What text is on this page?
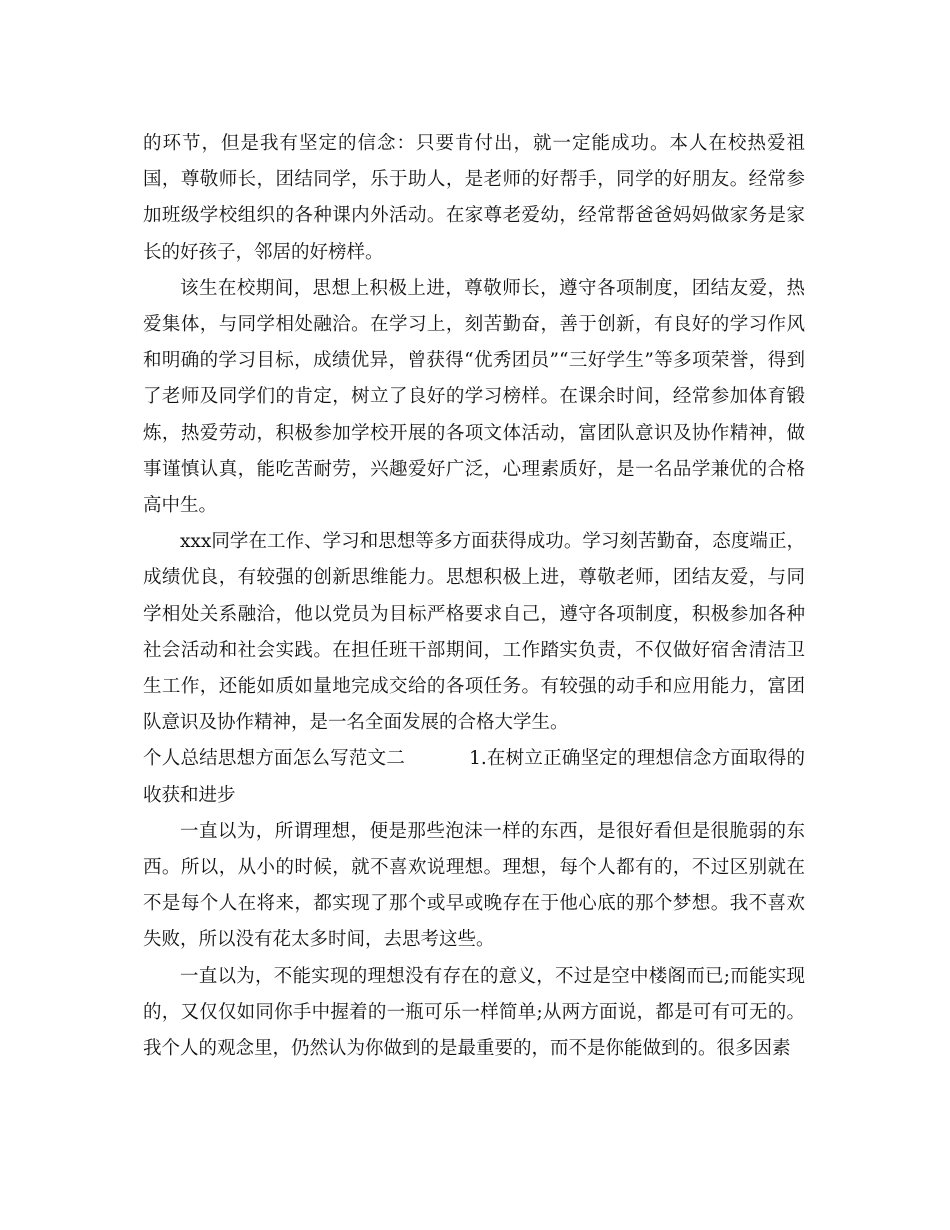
的环节，但是我有坚定的信念：只要肯付出，就一定能成功。本人在校热爱祖国，尊敬师长，团结同学，乐于助人，是老师的好帮手，同学的好朋友。经常参加班级学校组织的各种课内外活动。在家尊老爱幼，经常帮爸爸妈妈做家务是家长的好孩子，邻居的好榜样。

该生在校期间，思想上积极上进，尊敬师长，遵守各项制度，团结友爱，热爱集体，与同学相处融洽。在学习上，刻苦勤奋，善于创新，有良好的学习作风和明确的学习目标，成绩优异，曾获得“优秀团员”“三好学生”等多项荣誉，得到了老师及同学们的肯定，树立了良好的学习榜样。在课余时间，经常参加体育锻炼，热爱劳动，积极参加学校开展的各项文体活动，富团队意识及协作精神，做事谨慎认真，能吃苦耐劳，兴趣爱好广泛，心理素质好，是一名品学兼优的合格高中生。

xxx同学在工作、学习和思想等多方面获得成功。学习刻苦勤奋，态度端正，成绩优良，有较强的创新思维能力。思想积极上进，尊敬老师，团结友爱，与同学相处关系融洽，他以党员为目标严格要求自己，遵守各项制度，积极参加各种社会活动和社会实践。在担任班干部期间，工作踏实负责，不仅做好宿舍清洁卫生工作，还能如质如量地完成交给的各项任务。有较强的动手和应用能力，富团队意识及协作精神，是一名全面发展的合格大学生。

个人总结思想方面怎么写范文二	1.在树立正确坚定的理想信念方面取得的收获和进步

一直以为，所谓理想，便是那些泡沫一样的东西，是很好看但是很脆弱的东西。所以，从小的时候，就不喜欢说理想。理想，每个人都有的，不过区别就在不是每个人在将来，都实现了那个或早或晚存在于他心底的那个梦想。我不喜欢失败，所以没有花太多时间，去思考这些。

一直以为，不能实现的理想没有存在的意义，不过是空中楼阁而已;而能实现的，又仅仅如同你手中握着的一瓶可乐一样简单;从两方面说，都是可有可无的。我个人的观念里，仍然认为你做到的是最重要的，而不是你能做到的。很多因素
